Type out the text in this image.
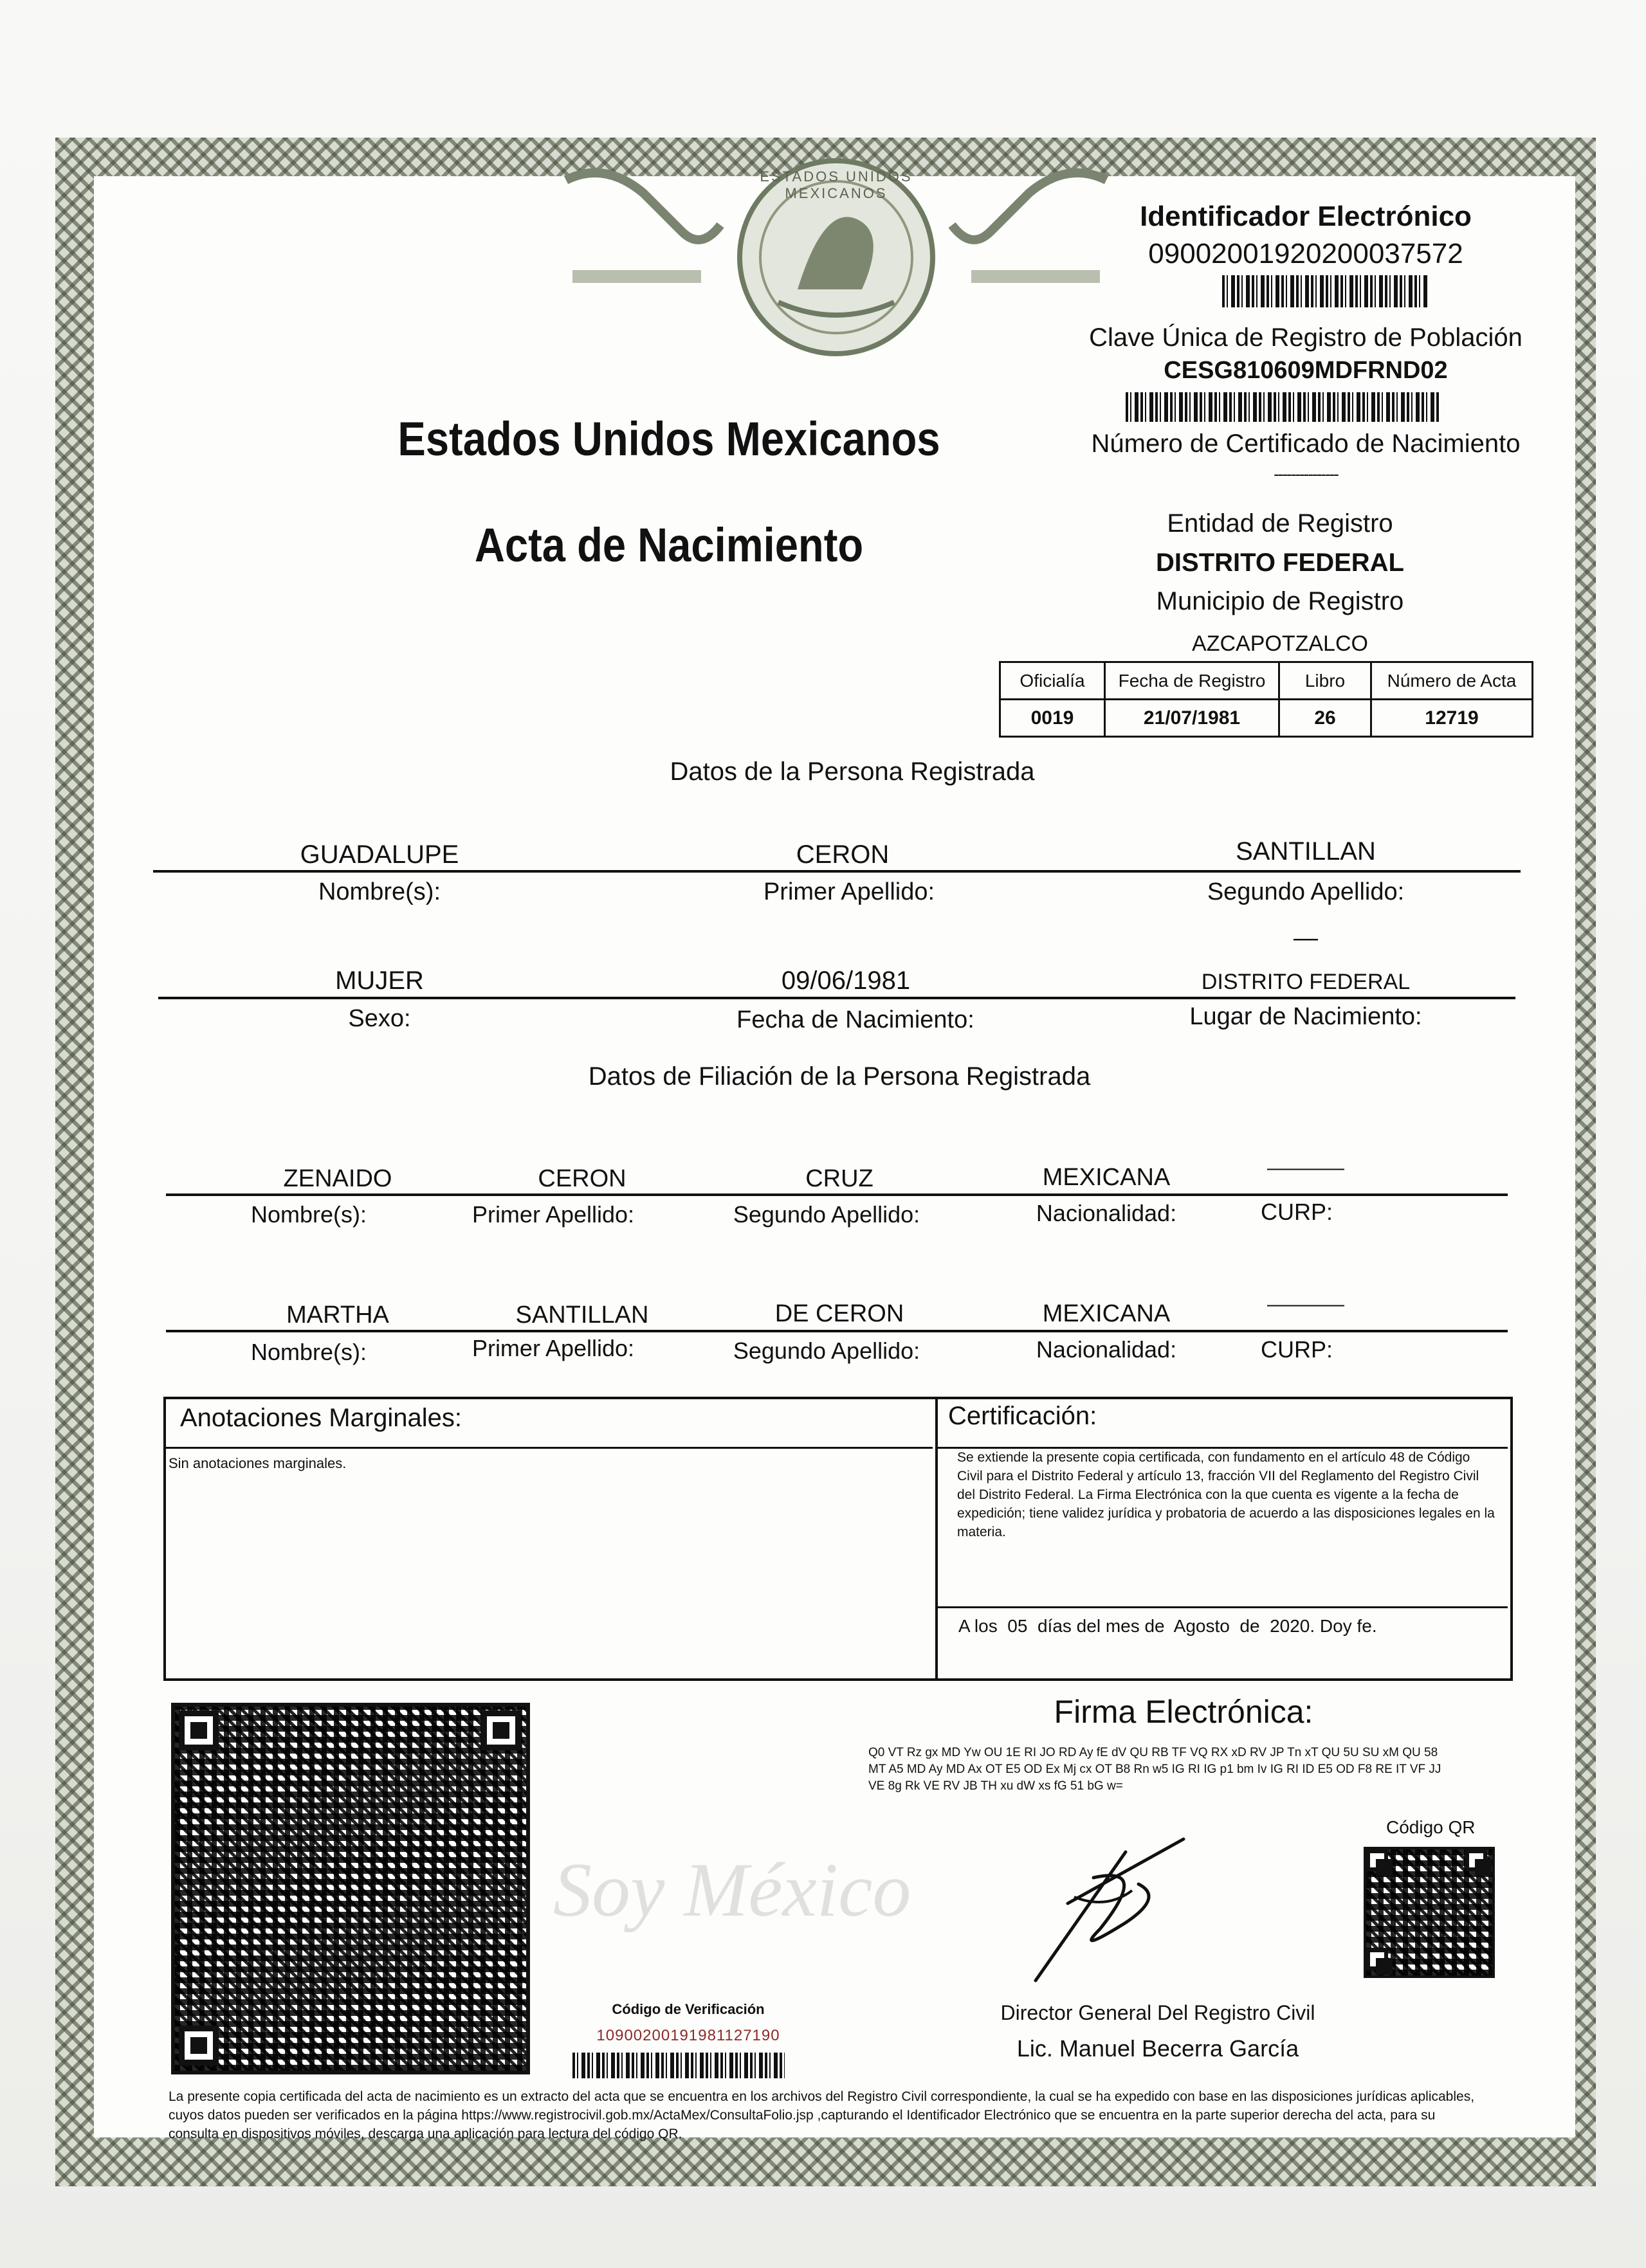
ESTADOS UNIDOS MEXICANOS
Estados Unidos Mexicanos
Acta de Nacimiento
Identificador Electrónico
09002001920200037572
Clave Única de Registro de Población
CESG810609MDFRND02
Número de Certificado de Nacimiento
---------------
Entidad de Registro
DISTRITO FEDERAL
Municipio de Registro
AZCAPOTZALCO
Oficialía	Fecha de Registro	Libro	Número de Acta
0019	21/07/1981	26	12719
Datos de la Persona Registrada
GUADALUPE	CERON	SANTILLAN
Nombre(s):	Primer Apellido:	Segundo Apellido:
—
MUJER	09/06/1981	DISTRITO FEDERAL
Sexo:	Fecha de Nacimiento:	Lugar de Nacimiento:
Datos de Filiación de la Persona Registrada
ZENAIDO	CERON	CRUZ	MEXICANA	————
Nombre(s):	Primer Apellido:	Segundo Apellido:	Nacionalidad:	CURP:
MARTHA	SANTILLAN	DE CERON	MEXICANA	————
Nombre(s):	Primer Apellido:	Segundo Apellido:	Nacionalidad:	CURP:
Anotaciones Marginales:
Sin anotaciones marginales.
Certificación:
Se extiende la presente copia certificada, con fundamento en el artículo 48 de Código Civil para el Distrito Federal y artículo 13, fracción VII del Reglamento del Registro Civil del Distrito Federal. La Firma Electrónica con la que cuenta es vigente a la fecha de expedición; tiene validez jurídica y probatoria de acuerdo a las disposiciones legales en la materia.
A los  05  días del mes de  Agosto  de  2020. Doy fe.
Firma Electrónica:
Q0 VT Rz gx MD Yw OU 1E RI JO RD Ay fE dV QU RB TF VQ RX xD RV JP Tn xT QU 5U SU xM QU 58 MT A5 MD Ay MD Ax OT E5 OD Ex Mj cx OT B8 Rn w5 IG RI IG p1 bm Iv IG RI ID E5 OD F8 RE IT VF JJ VE 8g Rk VE RV JB TH xu dW xs fG 51 bG w=
Soy México
Código QR
Director General Del Registro Civil
Lic. Manuel Becerra García
Código de Verificación
109002001919811271​90
La presente copia certificada del acta de nacimiento es un extracto del acta que se encuentra en los archivos del Registro Civil correspondiente, la cual se ha expedido con base en las disposiciones jurídicas aplicables, cuyos datos pueden ser verificados en la página https://www.registrocivil.gob.mx/ActaMex/ConsultaFolio.jsp ,capturando el Identificador Electrónico que se encuentra en la parte superior derecha del acta, para su consulta en dispositivos móviles, descarga una aplicación para lectura del código QR.
